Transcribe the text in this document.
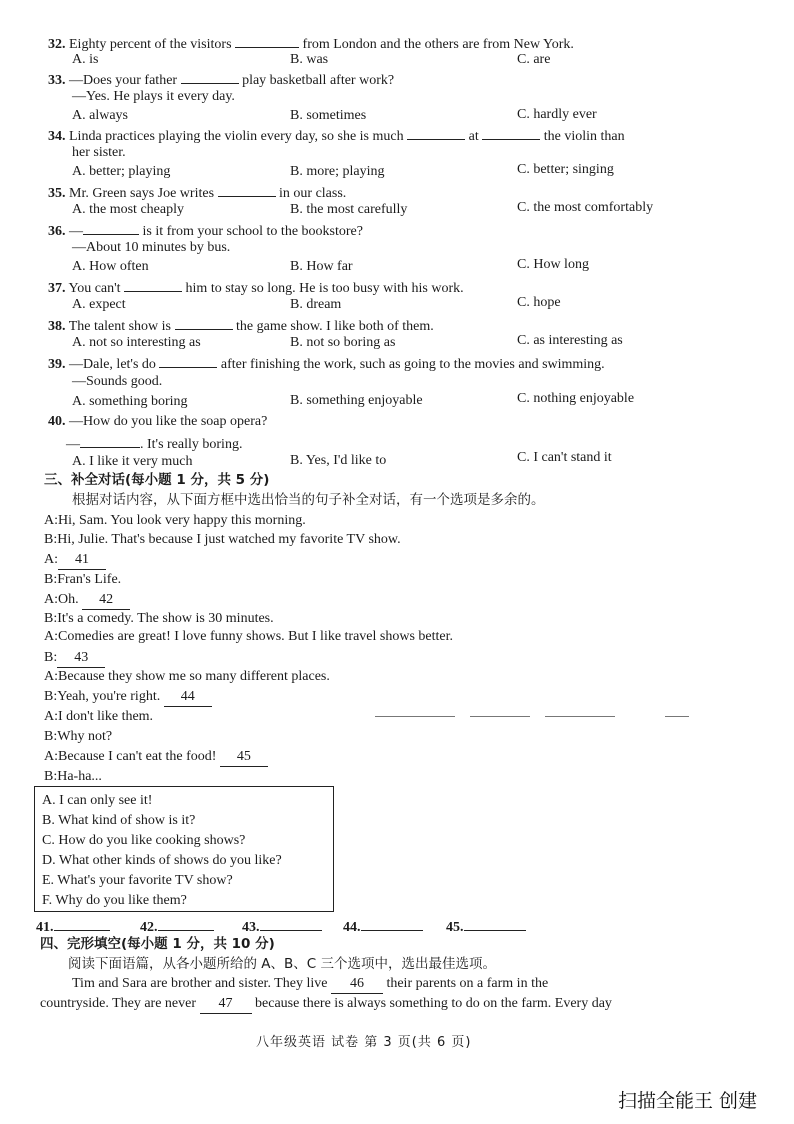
32. Eighty percent of the visitors	from London and the others are from New York.
A. is	B. was	C. are
33. —Does your father	play basketball after work?
—Yes. He plays it every day.
A. always	B. sometimes	C. hardly ever
34. Linda practices playing the violin every day, so she is much	at	the violin than
her sister.
A. better; playing	B. more; playing	C. better; singing
35. Mr. Green says Joe writes	in our class.
A. the most cheaply	B. the most carefully	C. the most comfortably
36. —	is it from your school to the bookstore?
—About 10 minutes by bus.
A. How often	B. How far	C. How long
37. You can't	him to stay so long. He is too busy with his work.
A. expect	B. dream	C. hope
38. The talent show is	the game show. I like both of them.
A. not so interesting as	B. not so boring as	C. as interesting as
39. —Dale, let's do	after finishing the work, such as going to the movies and swimming.
—Sounds good.
A. something boring	B. something enjoyable	C. nothing enjoyable
40. —How do you like the soap opera?
—	. It's really boring.
A. I like it very much	B. Yes, I'd like to	C. I can't stand it
三、补全对话(每小题 1 分，共 5 分)
根据对话内容，从下面方框中选出恰当的句子补全对话，有一个选项是多余的。
A:Hi, Sam. You look very happy this morning.
B:Hi, Julie. That's because I just watched my favorite TV show.
A: 41
B:Fran's Life.
A:Oh. 42
B:It's a comedy. The show is 30 minutes.
A:Comedies are great! I love funny shows. But I like travel shows better.
B: 43
A:Because they show me so many different places.
B:Yeah, you're right. 44
A:I don't like them.
B:Why not?
A:Because I can't eat the food! 45
B:Ha-ha...
A. I can only see it!
B. What kind of show is it?
C. How do you like cooking shows?
D. What other kinds of shows do you like?
E. What's your favorite TV show?
F. Why do you like them?
41.	42.	43.	44.	45.
四、完形填空(每小题 1 分，共 10 分)
阅读下面语篇，从各小题所给的 A、B、C 三个选项中，选出最佳选项。
Tim and Sara are brother and sister. They live 46 their parents on a farm in the
countryside. They are never 47 because there is always something to do on the farm. Every day
八年级英语 试卷 第 3 页(共 6 页)
扫描全能王 创建
